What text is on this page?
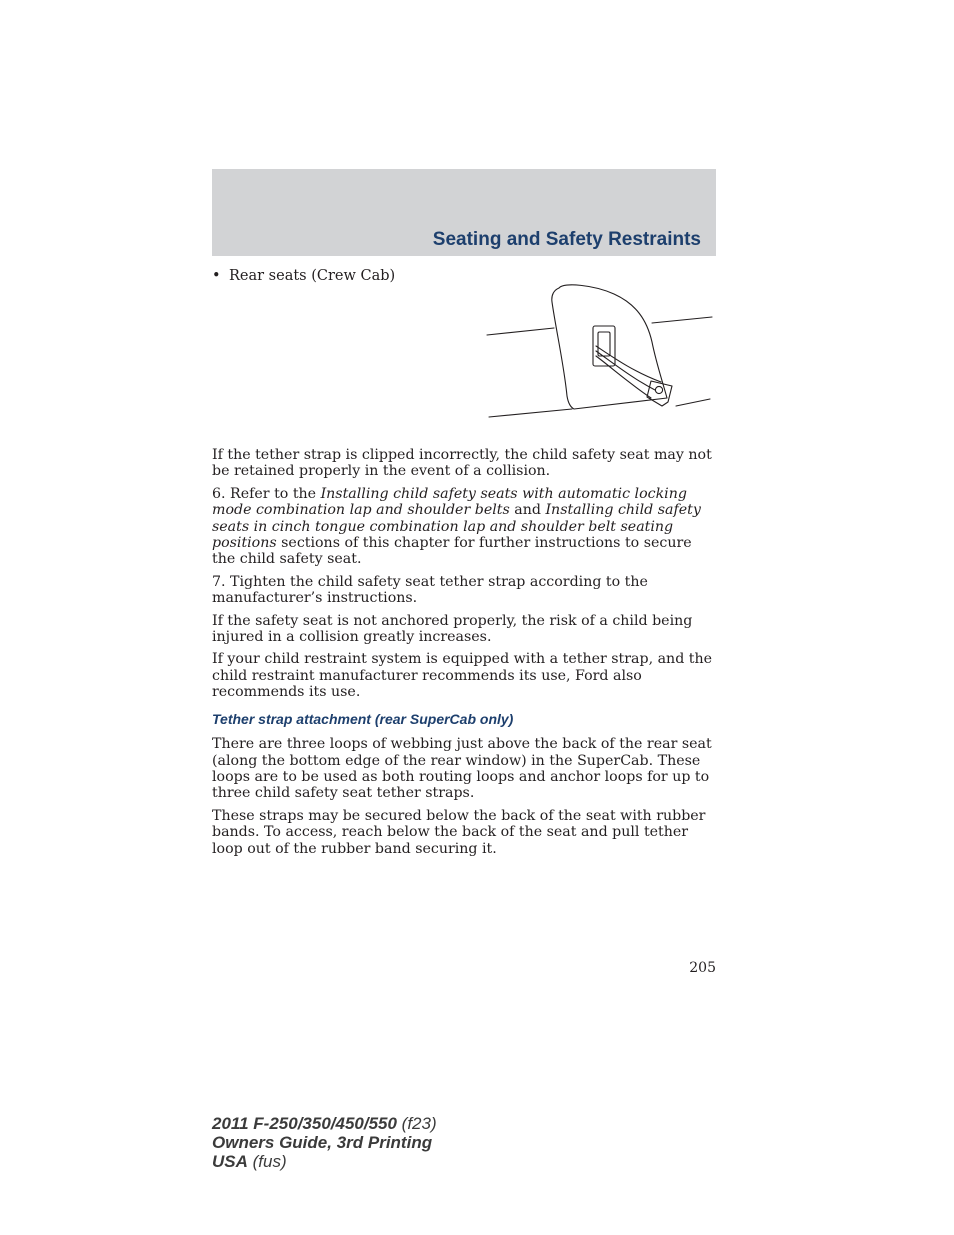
Seating and Safety Restraints
• Rear seats (Crew Cab)

If the tether strap is clipped incorrectly, the child safety seat may not be retained properly in the event of a collision.

6. Refer to the Installing child safety seats with automatic locking mode combination lap and shoulder belts and Installing child safety seats in cinch tongue combination lap and shoulder belt seating positions sections of this chapter for further instructions to secure the child safety seat.

7. Tighten the child safety seat tether strap according to the manufacturer’s instructions.

If the safety seat is not anchored properly, the risk of a child being injured in a collision greatly increases.

If your child restraint system is equipped with a tether strap, and the child restraint manufacturer recommends its use, Ford also recommends its use.

Tether strap attachment (rear SuperCab only)

There are three loops of webbing just above the back of the rear seat (along the bottom edge of the rear window) in the SuperCab. These loops are to be used as both routing loops and anchor loops for up to three child safety seat tether straps.

These straps may be secured below the back of the seat with rubber bands. To access, reach below the back of the seat and pull tether loop out of the rubber band securing it.

205
2011 F-250/350/450/550 (f23)
Owners Guide, 3rd Printing
USA (fus)
